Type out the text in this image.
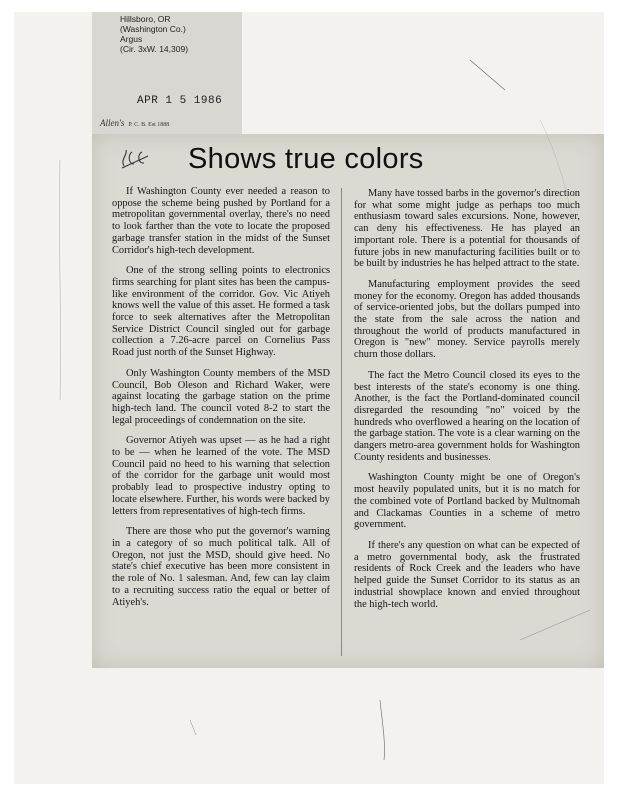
Hillsboro, OR
(Washington Co.)
Argus
(Cir. 3xW. 14,309)
APR 1 5 1986
Allen's P. C. B. Est 1888
Shows true colors

If Washington County ever needed a reason to oppose the scheme being pushed by Portland for a metropolitan governmental overlay, there's no need to look farther than the vote to locate the proposed garbage transfer station in the midst of the Sunset Corridor's high-tech development.

One of the strong selling points to electronics firms searching for plant sites has been the campus-like environment of the corridor. Gov. Vic Atiyeh knows well the value of this asset. He formed a task force to seek alternatives after the Metropolitan Service District Council singled out for garbage collection a 7.26-acre parcel on Cornelius Pass Road just north of the Sunset Highway.

Only Washington County members of the MSD Council, Bob Oleson and Richard Waker, were against locating the garbage station on the prime high-tech land. The council voted 8-2 to start the legal proceedings of condemnation on the site.

Governor Atiyeh was upset — as he had a right to be — when he learned of the vote. The MSD Council paid no heed to his warning that selection of the corridor for the garbage unit would most probably lead to prospective industry opting to locate elsewhere. Further, his words were backed by letters from representatives of high-tech firms.

There are those who put the governor's warning in a category of so much political talk. All of Oregon, not just the MSD, should give heed. No state's chief executive has been more consistent in the role of No. 1 salesman. And, few can lay claim to a recruiting success ratio the equal or better of Atiyeh's.

Many have tossed barbs in the governor's direction for what some might judge as perhaps too much enthusiasm toward sales excursions. None, however, can deny his effectiveness. He has played an important role. There is a potential for thousands of future jobs in new manufacturing facilities built or to be built by industries he has helped attract to the state.

Manufacturing employment provides the seed money for the economy. Oregon has added thousands of service-oriented jobs, but the dollars pumped into the state from the sale across the nation and throughout the world of products manufactured in Oregon is "new" money. Service payrolls merely churn those dollars.

The fact the Metro Council closed its eyes to the best interests of the state's economy is one thing. Another, is the fact the Portland-dominated council disregarded the resounding "no" voiced by the hundreds who overflowed a hearing on the location of the garbage station. The vote is a clear warning on the dangers metro-area government holds for Washington County residents and businesses.

Washington County might be one of Oregon's most heavily populated units, but it is no match for the combined vote of Portland backed by Multnomah and Clackamas Counties in a scheme of metro government.

If there's any question on what can be expected of a metro governmental body, ask the frustrated residents of Rock Creek and the leaders who have helped guide the Sunset Corridor to its status as an industrial showplace known and envied throughout the high-tech world.
